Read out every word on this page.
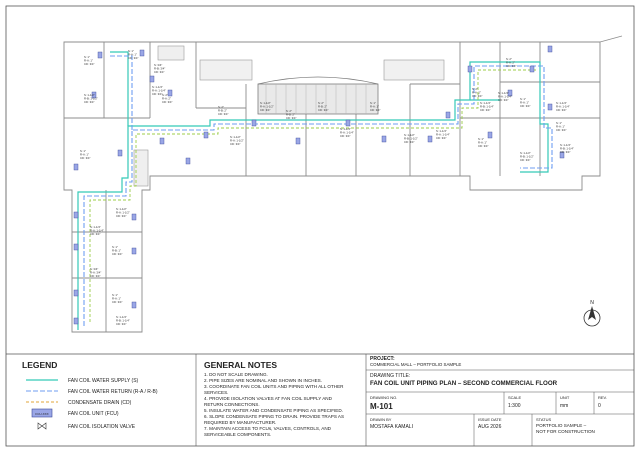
S: 1"
R-A: 1"
CD: 3/4"
S: 1"
R-A: 1"
CD: 3/4"
S: 3/4"
R-B: 3/4"
CD: 3/4"
S: 1-1/4"
R-A: 1-1/4"
CD: 3/4"
S: 1-1/2"
R-B: 1-1/2"
CD: 3/4"
S: 2"
R-A: 2"
CD: 3/4"
S: 2"
R-B: 2"
CD: 3/4"
S: 1-1/2"
R-A: 1-1/2"
CD: 3/4"	S: 2"
R-B: 2"
CD: 3/4"
S: 1-1/2"
R-A: 1-1/2"
CD: 3/4"
S: 2"
R-B: 2"
CD: 3/4"
S: 1-1/4"
R-A: 1-1/4"
CD: 3/4"
S: 1"
R-A: 1"
CD: 3/4"
S: 1-1/2"
R-B: 1-1/2"
CD: 3/4"
S: 1-1/4"
R-A: 1-1/4"
CD: 3/4"
S: 1-1/4"
R-B: 1-1/4"
CD: 3/4"
S: 1"
R-A: 1"
CD: 3/4"
S: 1-1/4"
R-A: 1-1/4"
CD: 3/4"	S: 1"
R-A: 1"
CD: 3/4"
S: 2"
R-A: 2"
CD: 3/4"
S: 2"
R-A: 2"
CD: 3/4"
S: 1-1/2"
R-B: 1-1/2"
CD: 3/4"
S: 1-1/4"
R-A: 1-1/4"
CD: 3/4"
S: 1"
R-A: 1"
CD: 3/4"
S: 1-1/4"
R-B: 1-1/4"
CD: 3/4"
S: 1"
R-A: 1"
CD: 3/4"
S: 1-1/4"
R-A: 1-1/4"
CD: 3/4"
S: 1-1/2"
R-A: 1-1/2"
CD: 3/4"
S: 1"
R-B: 1"
CD: 3/4"
S: 3/4"
R-A: 3/4"
CD: 3/4"
S: 1"
R-A: 1"
CD: 3/4"
S: 1-1/4"
R-B: 1-1/4"
CD: 3/4"
N
LEGEND
FAN COIL WATER SUPPLY (S)
FAN COIL WATER RETURN (R-A / R-B)
CONDENSATE DRAIN (CD)
FCU-XXX	FAN COIL UNIT (FCU)
FAN COIL ISOLATION VALVE
GENERAL NOTES
1. DO NOT SCALE DRAWING.
2. PIPE SIZES ARE NOMINAL AND SHOWN IN INCHES.
3. COORDINATE FAN COIL UNITS AND PIPING WITH ALL OTHER
SERVICES.
4. PROVIDE ISOLATION VALVES AT FAN COIL SUPPLY AND
RETURN CONNECTIONS.
5. INSULATE WATER AND CONDENSATE PIPING AS SPECIFIED.
6. SLOPE CONDENSATE PIPING TO DRAIN. PROVIDE TRAPS AS
REQUIRED BY MANUFACTURER.
7. MAINTAIN ACCESS TO FCUs, VALVES, CONTROLS, AND
SERVICEABLE COMPONENTS.
PROJECT:
COMMERCIAL MALL – PORTFOLIO SAMPLE
DRAWING TITLE:
FAN COIL UNIT PIPING PLAN – SECOND COMMERCIAL FLOOR
DRAWING NO.
M-101
SCALE
1:300
UNIT
mm
REV.
0
DRAWN BY
MOSTAFA KAMALI
ISSUE DATE
AUG 2026
STATUS
PORTFOLIO SAMPLE –
NOT FOR CONSTRUCTION
